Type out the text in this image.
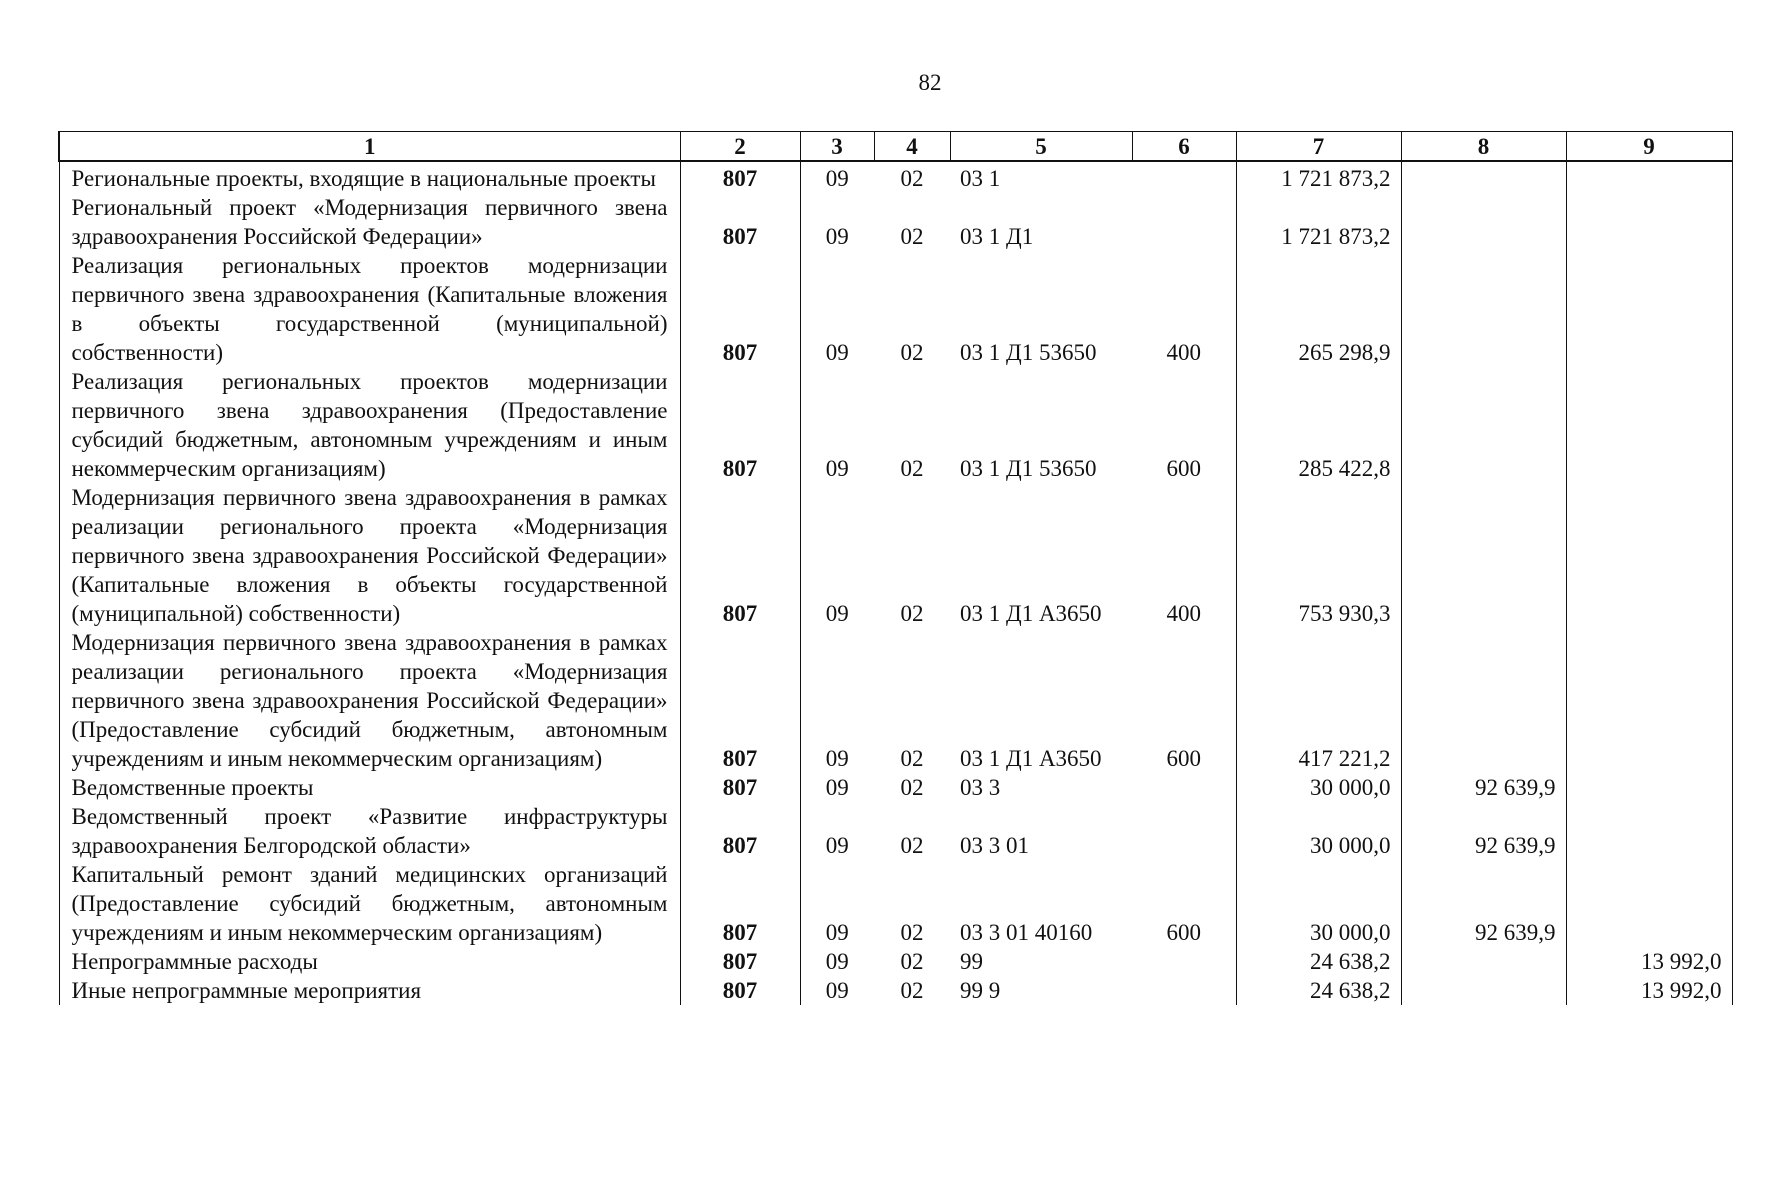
82
1	2	3	4	5	6	7	8	9
Региональные проекты, входящие в национальные проекты	807	09	02	03 1		1 721 873,2		
Региональный проект «Модернизация первичного звена здравоохранения Российской Федерации»	807	09	02	03 1 Д1		1 721 873,2		
Реализация региональных проектов модернизации первичного звена здравоохранения (Капитальные вложения в объекты государственной (муниципальной) собственности)	807	09	02	03 1 Д1 53650	400	265 298,9		
Реализация региональных проектов модернизации первичного звена здравоохранения (Предоставление субсидий бюджетным, автономным учреждениям и иным некоммерческим организациям)	807	09	02	03 1 Д1 53650	600	285 422,8		
Модернизация первичного звена здравоохранения в рамках реализации регионального проекта «Модернизация первичного звена здравоохранения Российской Федерации» (Капитальные вложения в объекты государственной (муниципальной) собственности)	807	09	02	03 1 Д1 А3650	400	753 930,3		
Модернизация первичного звена здравоохранения в рамках реализации регионального проекта «Модернизация первичного звена здравоохранения Российской Федерации» (Предоставление субсидий бюджетным, автономным учреждениям и иным некоммерческим организациям)	807	09	02	03 1 Д1 А3650	600	417 221,2		
Ведомственные проекты	807	09	02	03 3		30 000,0	92 639,9	
Ведомственный проект «Развитие инфраструктуры здравоохранения Белгородской области»	807	09	02	03 3 01		30 000,0	92 639,9	
Капитальный ремонт зданий медицинских организаций (Предоставление субсидий бюджетным, автономным учреждениям и иным некоммерческим организациям)	807	09	02	03 3 01 40160	600	30 000,0	92 639,9	
Непрограммные расходы	807	09	02	99		24 638,2		13 992,0
Иные непрограммные мероприятия	807	09	02	99 9		24 638,2		13 992,0
